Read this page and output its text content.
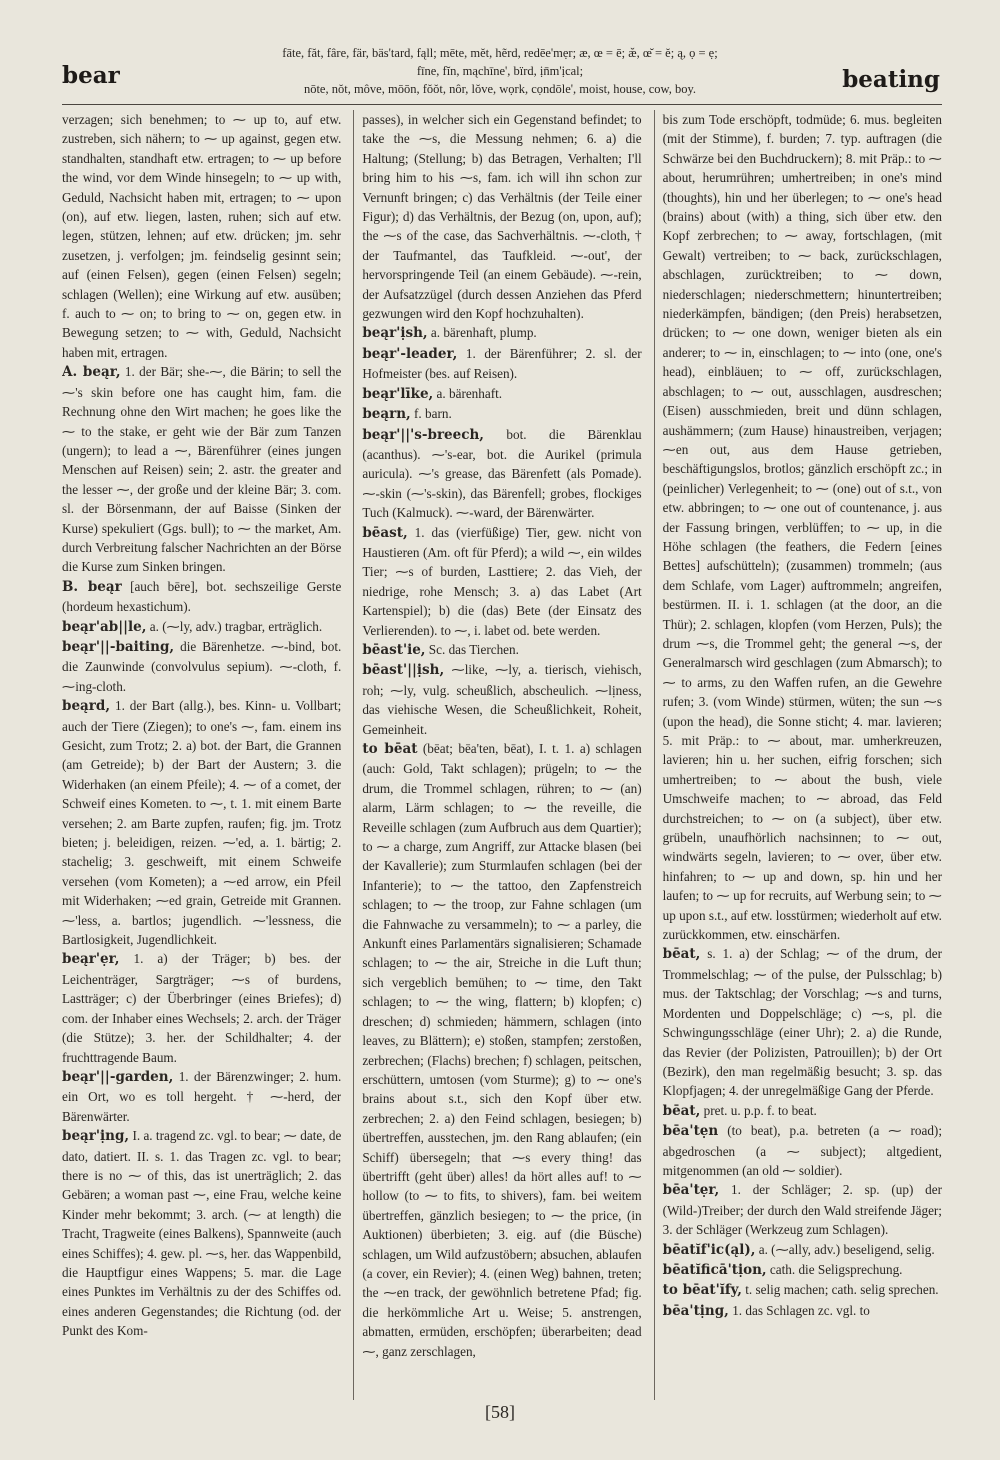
bear
fāte, făt, fâre, fär, bäs'tard, fąll; mēte, mĕt, hẽrd, redēe'mẹr; æ, œ = ē; æ̆, œ̆ = ĕ; ą, ọ = ẹ;
fīne, fĭn, mąchīne', bïrd, ịn̄m'ịcal;
nōte, nŏt, môve, mōōn, fŏŏt, nôr, lŏve, wọrk, cọndōle', moist, house, cow, boy.	beating

verzagen; sich benehmen; to ⁓ up to, auf etw. zustreben, sich nähern; to ⁓ up against, gegen etw. standhalten, standhaft etw. ertragen; to ⁓ up before the wind, vor dem Winde hinsegeln; to ⁓ up with, Geduld, Nachsicht haben mit, ertragen; to ⁓ upon (on), auf etw. liegen, lasten, ruhen; sich auf etw. legen, stützen, lehnen; auf etw. drücken; jm. sehr zusetzen, j. verfolgen; jm. feindselig gesinnt sein; auf (einen Felsen), gegen (einen Felsen) segeln; schlagen (Wellen); eine Wirkung auf etw. ausüben; f. auch to ⁓ on; to bring to ⁓ on, gegen etw. in Bewegung setzen; to ⁓ with, Geduld, Nachsicht haben mit, ertragen.

A. beąr, 1. der Bär; she-⁓, die Bärin; to sell the ⁓'s skin before one has caught him, fam. die Rechnung ohne den Wirt machen; he goes like the ⁓ to the stake, er geht wie der Bär zum Tanzen (ungern); to lead a ⁓, Bärenführer (eines jungen Menschen auf Reisen) sein; 2. astr. the greater and the lesser ⁓, der große und der kleine Bär; 3. com. sl. der Börsenmann, der auf Baisse (Sinken der Kurse) spekuliert (Ggs. bull); to ⁓ the market, Am. durch Verbreitung falscher Nachrichten an der Börse die Kurse zum Sinken bringen.

B. beąr [auch bēre], bot. sechszeilige Gerste (hordeum hexastichum).

beąr'ab||le, a. (⁓ly, adv.) tragbar, erträglich.

beąr'||-baiting, die Bärenhetze. ⁓-bind, bot. die Zaunwinde (convolvulus sepium). ⁓-cloth, f. ⁓ing-cloth.

beąrd, 1. der Bart (allg.), bes. Kinn- u. Vollbart; auch der Tiere (Ziegen); to one's ⁓, fam. einem ins Gesicht, zum Trotz; 2. a) bot. der Bart, die Grannen (am Getreide); b) der Bart der Austern; 3. die Widerhaken (an einem Pfeile); 4. ⁓ of a comet, der Schweif eines Kometen. to ⁓, t. 1. mit einem Barte versehen; 2. am Barte zupfen, raufen; fig. jm. Trotz bieten; j. beleidigen, reizen. ⁓'ed, a. 1. bärtig; 2. stachelig; 3. geschweift, mit einem Schweife versehen (vom Kometen); a ⁓ed arrow, ein Pfeil mit Widerhaken; ⁓ed grain, Getreide mit Grannen. ⁓'less, a. bartlos; jugendlich. ⁓'lessness, die Bartlosigkeit, Jugendlichkeit.

beąr'ẹr, 1. a) der Träger; b) bes. der Leichenträger, Sargträger; ⁓s of burdens, Lastträger; c) der Überbringer (eines Briefes); d) com. der Inhaber eines Wechsels; 2. arch. der Träger (die Stütze); 3. her. der Schildhalter; 4. der fruchttragende Baum.

beąr'||-garden, 1. der Bärenzwinger; 2. hum. ein Ort, wo es toll hergeht. † ⁓-herd, der Bärenwärter.

beąr'ịng, I. a. tragend zc. vgl. to bear; ⁓ date, de dato, datiert. II. s. 1. das Tragen zc. vgl. to bear; there is no ⁓ of this, das ist unerträglich; 2. das Gebären; a woman past ⁓, eine Frau, welche keine Kinder mehr bekommt; 3. arch. (⁓ at length) die Tracht, Tragweite (eines Balkens), Spannweite (auch eines Schiffes); 4. gew. pl. ⁓s, her. das Wappenbild, die Hauptfigur eines Wappens; 5. mar. die Lage eines Punktes im Verhältnis zu der des Schiffes od. eines anderen Gegenstandes; die Richtung (od. der Punkt des Kom-

passes), in welcher sich ein Gegenstand befindet; to take the ⁓s, die Messung nehmen; 6. a) die Haltung; (Stellung; b) das Betragen, Verhalten; I'll bring him to his ⁓s, fam. ich will ihn schon zur Vernunft bringen; c) das Verhältnis (der Teile einer Figur); d) das Verhältnis, der Bezug (on, upon, auf); the ⁓s of the case, das Sachverhältnis. ⁓-cloth, † der Taufmantel, das Taufkleid. ⁓-out', der hervorspringende Teil (an einem Gebäude). ⁓-rein, der Aufsatzzügel (durch dessen Anziehen das Pferd gezwungen wird den Kopf hochzuhalten).

beąr'ịsh, a. bärenhaft, plump.

beąr'-leader, 1. der Bärenführer; 2. sl. der Hofmeister (bes. auf Reisen).

beąr'līke, a. bärenhaft.

beąrn, f. barn.

beąr'||'s-breech, bot. die Bärenklau (acanthus). ⁓'s-ear, bot. die Aurikel (primula auricula). ⁓'s grease, das Bärenfett (als Pomade). ⁓-skin (⁓'s-skin), das Bärenfell; grobes, flockiges Tuch (Kalmuck). ⁓-ward, der Bärenwärter.

bēast, 1. das (vierfüßige) Tier, gew. nicht von Haustieren (Am. oft für Pferd); a wild ⁓, ein wildes Tier; ⁓s of burden, Lasttiere; 2. das Vieh, der niedrige, rohe Mensch; 3. a) das Labet (Art Kartenspiel); b) die (das) Bete (der Einsatz des Verlierenden). to ⁓, i. labet od. bete werden.

bēast'ie, Sc. das Tierchen.

bēast'||ịsh, ⁓like, ⁓ly, a. tierisch, viehisch, roh; ⁓ly, vulg. scheußlich, abscheulich. ⁓lịness, das viehische Wesen, die Scheußlichkeit, Roheit, Gemeinheit.

to bēat (bēat; bēa'ten, bēat), I. t. 1. a) schlagen (auch: Gold, Takt schlagen); prügeln; to ⁓ the drum, die Trommel schlagen, rühren; to ⁓ (an) alarm, Lärm schlagen; to ⁓ the reveille, die Reveille schlagen (zum Aufbruch aus dem Quartier); to ⁓ a charge, zum Angriff, zur Attacke blasen (bei der Kavallerie); zum Sturmlaufen schlagen (bei der Infanterie); to ⁓ the tattoo, den Zapfenstreich schlagen; to ⁓ the troop, zur Fahne schlagen (um die Fahnwache zu versammeln); to ⁓ a parley, die Ankunft eines Parlamentärs signalisieren; Schamade schlagen; to ⁓ the air, Streiche in die Luft thun; sich vergeblich bemühen; to ⁓ time, den Takt schlagen; to ⁓ the wing, flattern; b) klopfen; c) dreschen; d) schmieden; hämmern, schlagen (into leaves, zu Blättern); e) stoßen, stampfen; zerstoßen, zerbrechen; (Flachs) brechen; f) schlagen, peitschen, erschüttern, umtosen (vom Sturme); g) to ⁓ one's brains about s.t., sich den Kopf über etw. zerbrechen; 2. a) den Feind schlagen, besiegen; b) übertreffen, ausstechen, jm. den Rang ablaufen; (ein Schiff) übersegeln; that ⁓s every thing! das übertrifft (geht über) alles! da hört alles auf! to ⁓ hollow (to ⁓ to fits, to shivers), fam. bei weitem übertreffen, gänzlich besiegen; to ⁓ the price, (in Auktionen) überbieten; 3. eig. auf (die Büsche) schlagen, um Wild aufzustöbern; absuchen, ablaufen (a cover, ein Revier); 4. (einen Weg) bahnen, treten; the ⁓en track, der gewöhnlich betretene Pfad; fig. die herkömmliche Art u. Weise; 5. anstrengen, abmatten, ermüden, erschöpfen; überarbeiten; dead ⁓, ganz zerschlagen,

bis zum Tode erschöpft, todmüde; 6. mus. begleiten (mit der Stimme), f. burden; 7. typ. auftragen (die Schwärze bei den Buchdruckern); 8. mit Präp.: to ⁓ about, herumrühren; umhertreiben; in one's mind (thoughts), hin und her überlegen; to ⁓ one's head (brains) about (with) a thing, sich über etw. den Kopf zerbrechen; to ⁓ away, fortschlagen, (mit Gewalt) vertreiben; to ⁓ back, zurückschlagen, abschlagen, zurücktreiben; to ⁓ down, niederschlagen; niederschmettern; hinuntertreiben; niederkämpfen, bändigen; (den Preis) herabsetzen, drücken; to ⁓ one down, weniger bieten als ein anderer; to ⁓ in, einschlagen; to ⁓ into (one, one's head), einbläuen; to ⁓ off, zurückschlagen, abschlagen; to ⁓ out, ausschlagen, ausdreschen; (Eisen) ausschmieden, breit und dünn schlagen, aushämmern; (zum Hause) hinaustreiben, verjagen; ⁓en out, aus dem Hause getrieben, beschäftigungslos, brotlos; gänzlich erschöpft zc.; in (peinlicher) Verlegenheit; to ⁓ (one) out of s.t., von etw. abbringen; to ⁓ one out of countenance, j. aus der Fassung bringen, verblüffen; to ⁓ up, in die Höhe schlagen (the feathers, die Federn [eines Bettes] aufschütteln); (zusammen) trommeln; (aus dem Schlafe, vom Lager) auftrommeln; angreifen, bestürmen. II. i. 1. schlagen (at the door, an die Thür); 2. schlagen, klopfen (vom Herzen, Puls); the drum ⁓s, die Trommel geht; the general ⁓s, der Generalmarsch wird geschlagen (zum Abmarsch); to ⁓ to arms, zu den Waffen rufen, an die Gewehre rufen; 3. (vom Winde) stürmen, wüten; the sun ⁓s (upon the head), die Sonne sticht; 4. mar. lavieren; 5. mit Präp.: to ⁓ about, mar. umherkreuzen, lavieren; hin u. her suchen, eifrig forschen; sich umhertreiben; to ⁓ about the bush, viele Umschweife machen; to ⁓ abroad, das Feld durchstreichen; to ⁓ on (a subject), über etw. grübeln, unaufhörlich nachsinnen; to ⁓ out, windwärts segeln, lavieren; to ⁓ over, über etw. hinfahren; to ⁓ up and down, sp. hin und her laufen; to ⁓ up for recruits, auf Werbung sein; to ⁓ up upon s.t., auf etw. losstürmen; wiederholt auf etw. zurückkommen, etw. einschärfen.

bēat, s. 1. a) der Schlag; ⁓ of the drum, der Trommelschlag; ⁓ of the pulse, der Pulsschlag; b) mus. der Taktschlag; der Vorschlag; ⁓s and turns, Mordenten und Doppelschläge; c) ⁓s, pl. die Schwingungsschläge (einer Uhr); 2. a) die Runde, das Revier (der Polizisten, Patrouillen); b) der Ort (Bezirk), den man regelmäßig besucht; 3. sp. das Klopfjagen; 4. der unregelmäßige Gang der Pferde.

bēat, pret. u. p.p. f. to beat.

bēa'tẹn (to beat), p.a. betreten (a ⁓ road); abgedroschen (a ⁓ subject); altgedient, mitgenommen (an old ⁓ soldier).

bēa'tẹr, 1. der Schläger; 2. sp. (up) der (Wild-)Treiber; der durch den Wald streifende Jäger; 3. der Schläger (Werkzeug zum Schlagen).

bēatĭf'ic(ąl), a. (⁓ally, adv.) beseligend, selig.

bēatĭficā'tịon, cath. die Seligsprechung.

to bēat'ĭfy, t. selig machen; cath. selig sprechen.

bēa'tịng, 1. das Schlagen zc. vgl. to

[58]
